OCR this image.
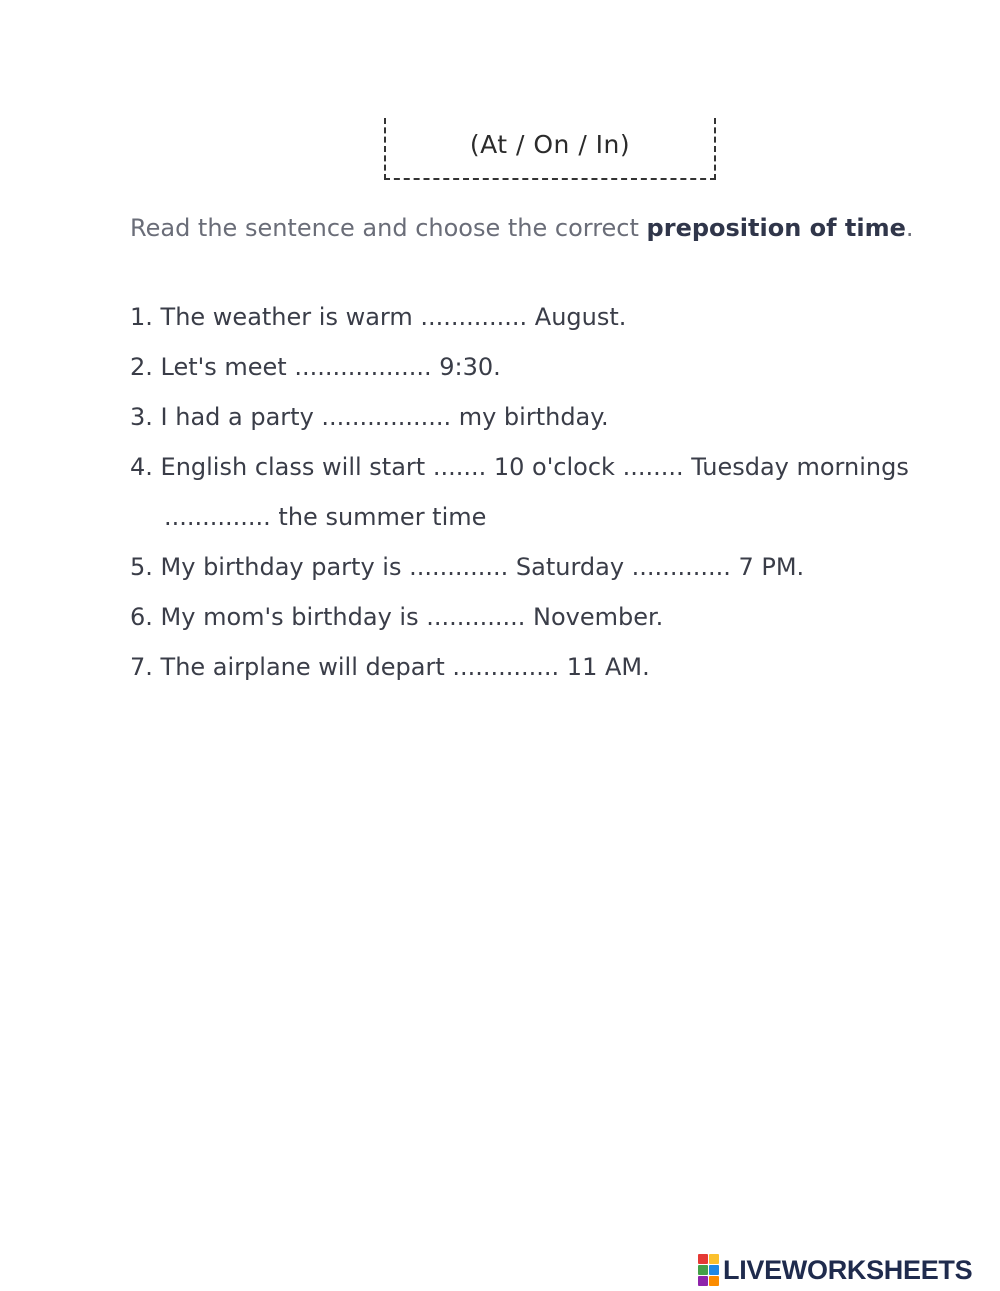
(At / On / In)
Read the sentence and choose the correct preposition of time.
1. The weather is warm .............. August.
2. Let's meet .................. 9:30.
3. I had a party ................. my birthday.
4. English class will start ....... 10 o'clock ........ Tuesday mornings
.............. the summer time
5. My birthday party is ............. Saturday ............. 7 PM.
6. My mom's birthday is ............. November.
7. The airplane will depart .............. 11 AM.
LIVEWORKSHEETS
